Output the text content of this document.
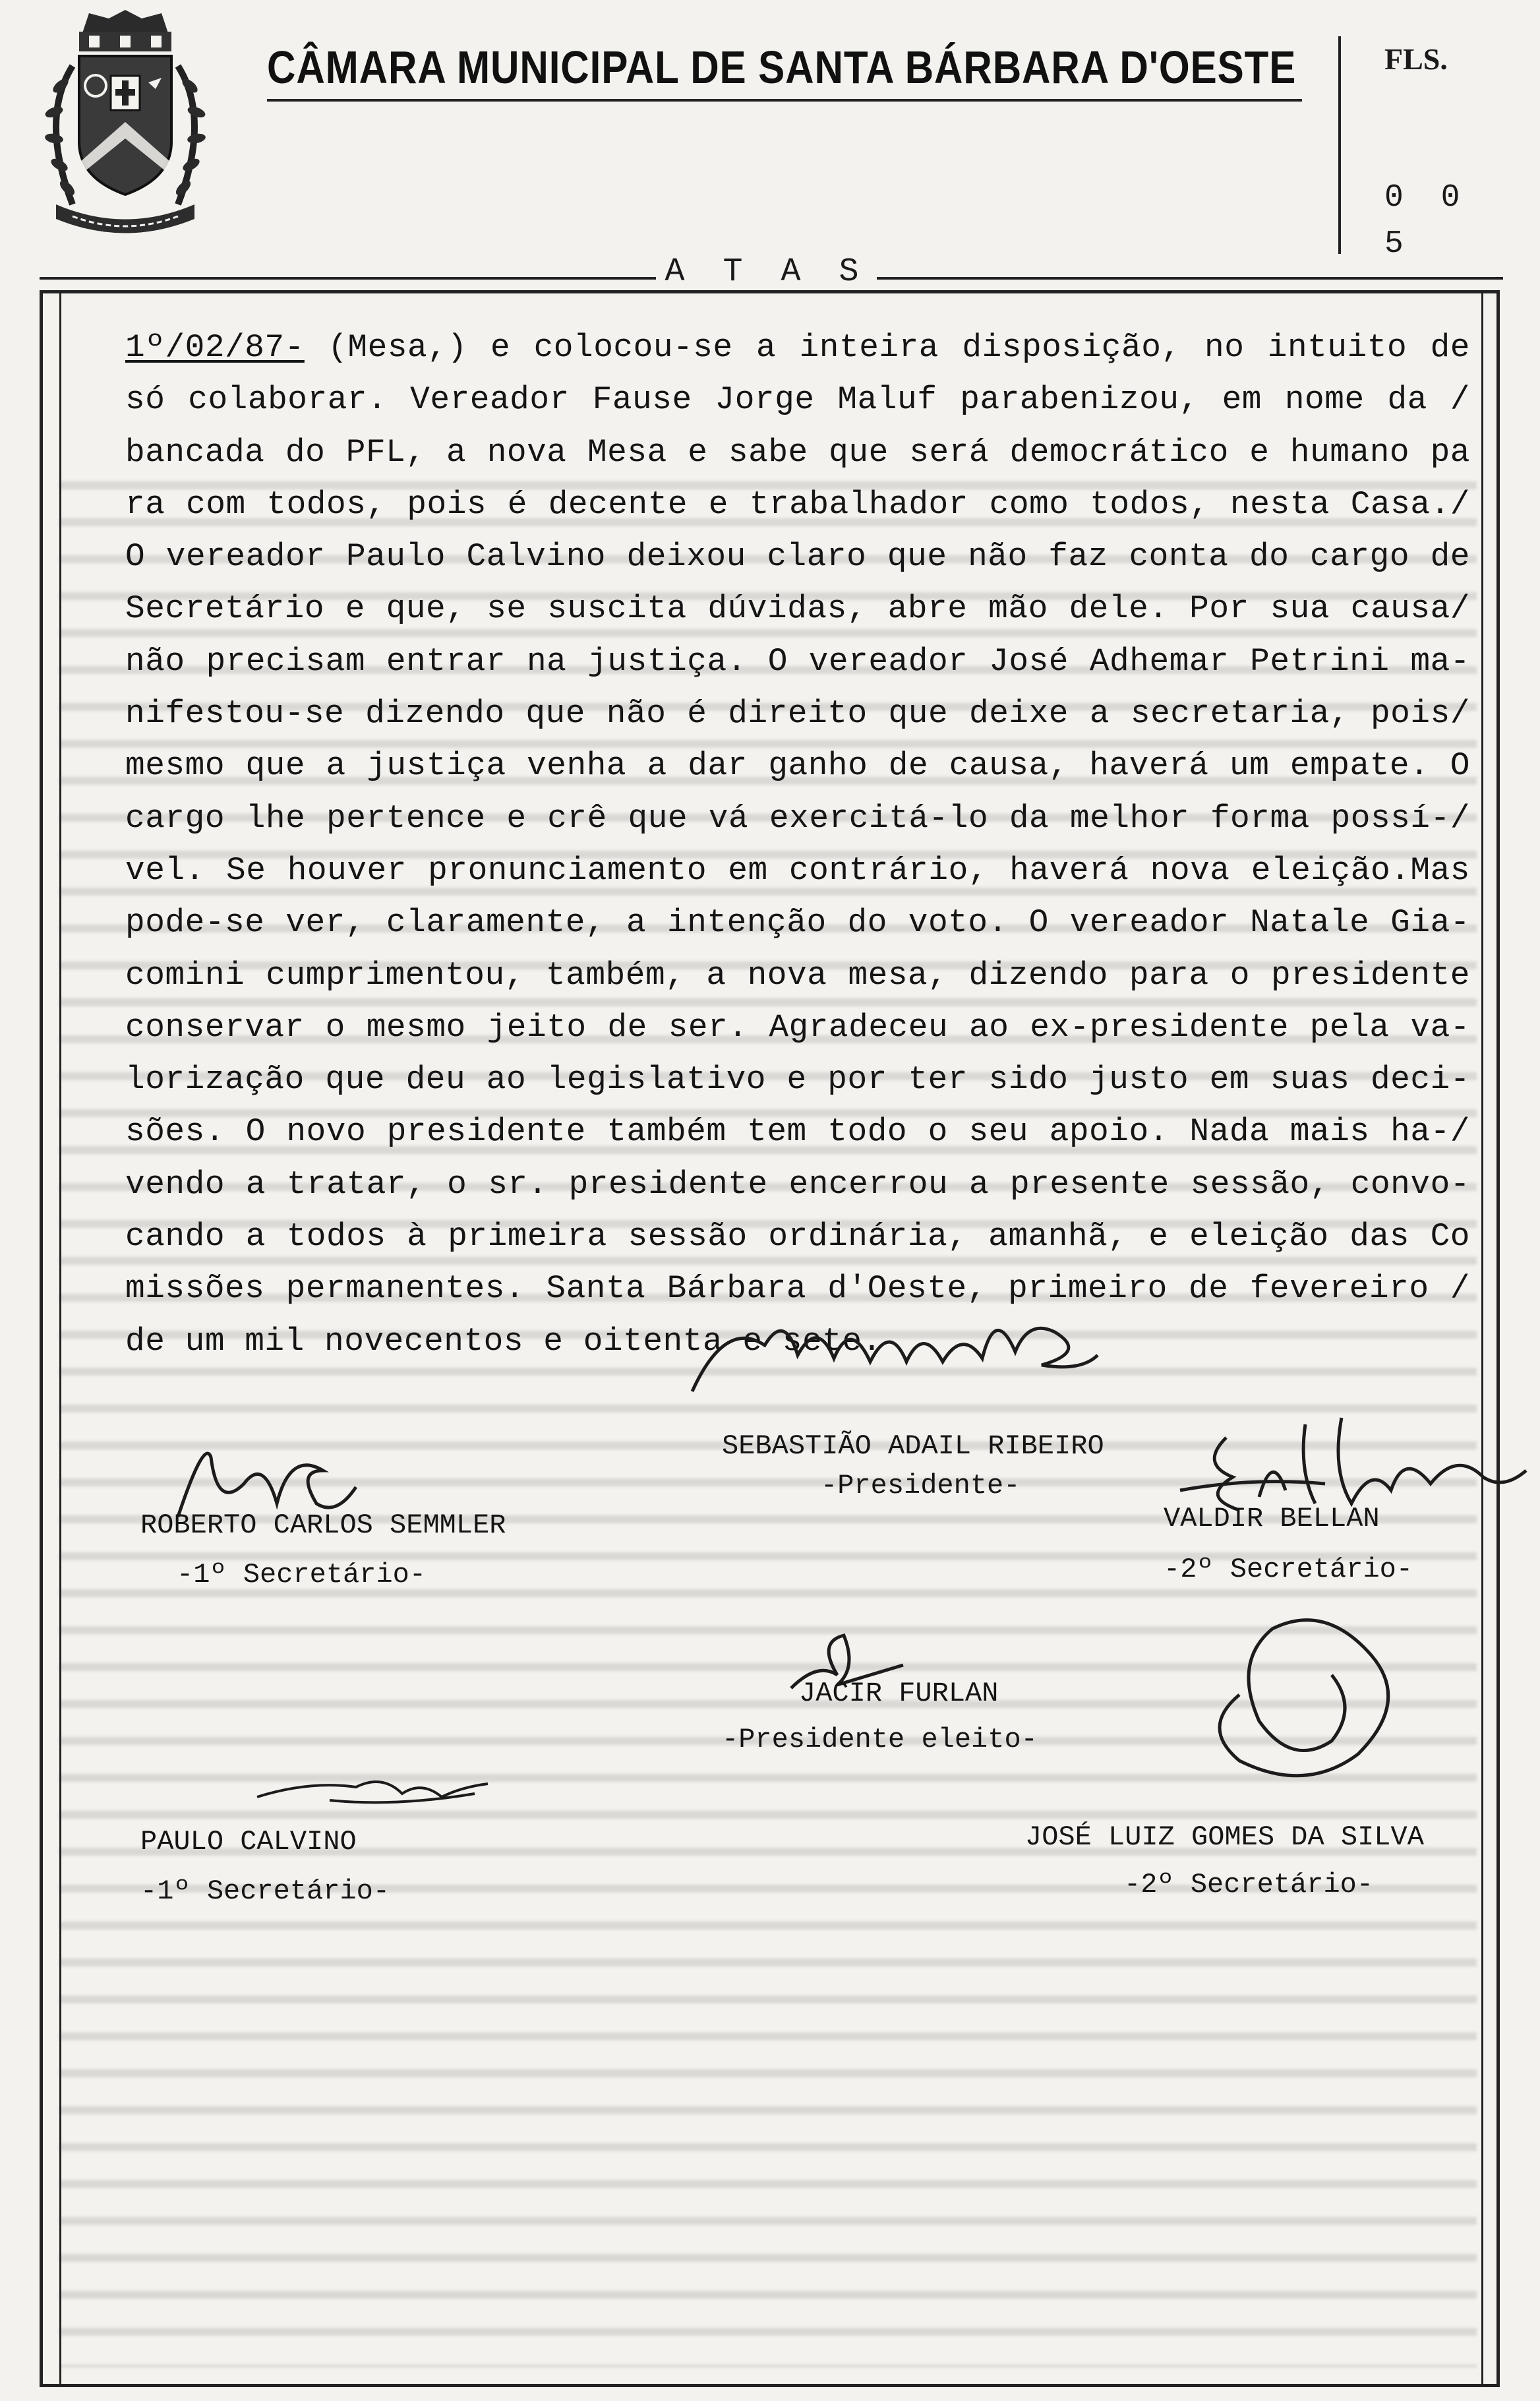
CÂMARA MUNICIPAL DE SANTA BÁRBARA D'OESTE	FLS.
0 0 5
A T A S
1º/02/87- (Mesa,) e colocou-se a inteira disposição, no intuito de
só colaborar. Vereador Fause Jorge Maluf parabenizou, em nome da /
bancada do PFL, a nova Mesa e sabe que será democrático e humano pa
ra com todos, pois é decente e trabalhador como todos, nesta Casa./
O vereador Paulo Calvino deixou claro que não faz conta do cargo de
Secretário e que, se suscita dúvidas, abre mão dele. Por sua causa/
não precisam entrar na justiça. O vereador José Adhemar Petrini ma-
nifestou-se dizendo que não é direito que deixe a secretaria, pois/
mesmo que a justiça venha a dar ganho de causa, haverá um empate. O
cargo lhe pertence e crê que vá exercitá-lo da melhor forma possí-/
vel. Se houver pronunciamento em contrário, haverá nova eleição.Mas
pode-se ver, claramente, a intenção do voto. O vereador Natale Gia-
comini cumprimentou, também, a nova mesa, dizendo para o presidente
conservar o mesmo jeito de ser. Agradeceu ao ex-presidente pela va-
lorização que deu ao legislativo e por ter sido justo em suas deci-
sões. O novo presidente também tem todo o seu apoio. Nada mais ha-/
vendo a tratar, o sr. presidente encerrou a presente sessão, convo-
cando a todos à primeira sessão ordinária, amanhã, e eleição das Co
missões permanentes. Santa Bárbara d'Oeste, primeiro de fevereiro /
de um mil novecentos e oitenta e sete.
SEBASTIÃO ADAIL RIBEIRO
-Presidente-
ROBERTO CARLOS SEMMLER
-1º Secretário-
VALDIR BELLAN
-2º Secretário-
JACIR FURLAN
-Presidente eleito-
PAULO CALVINO
-1º Secretário-
JOSÉ LUIZ GOMES DA SILVA
-2º Secretário-
